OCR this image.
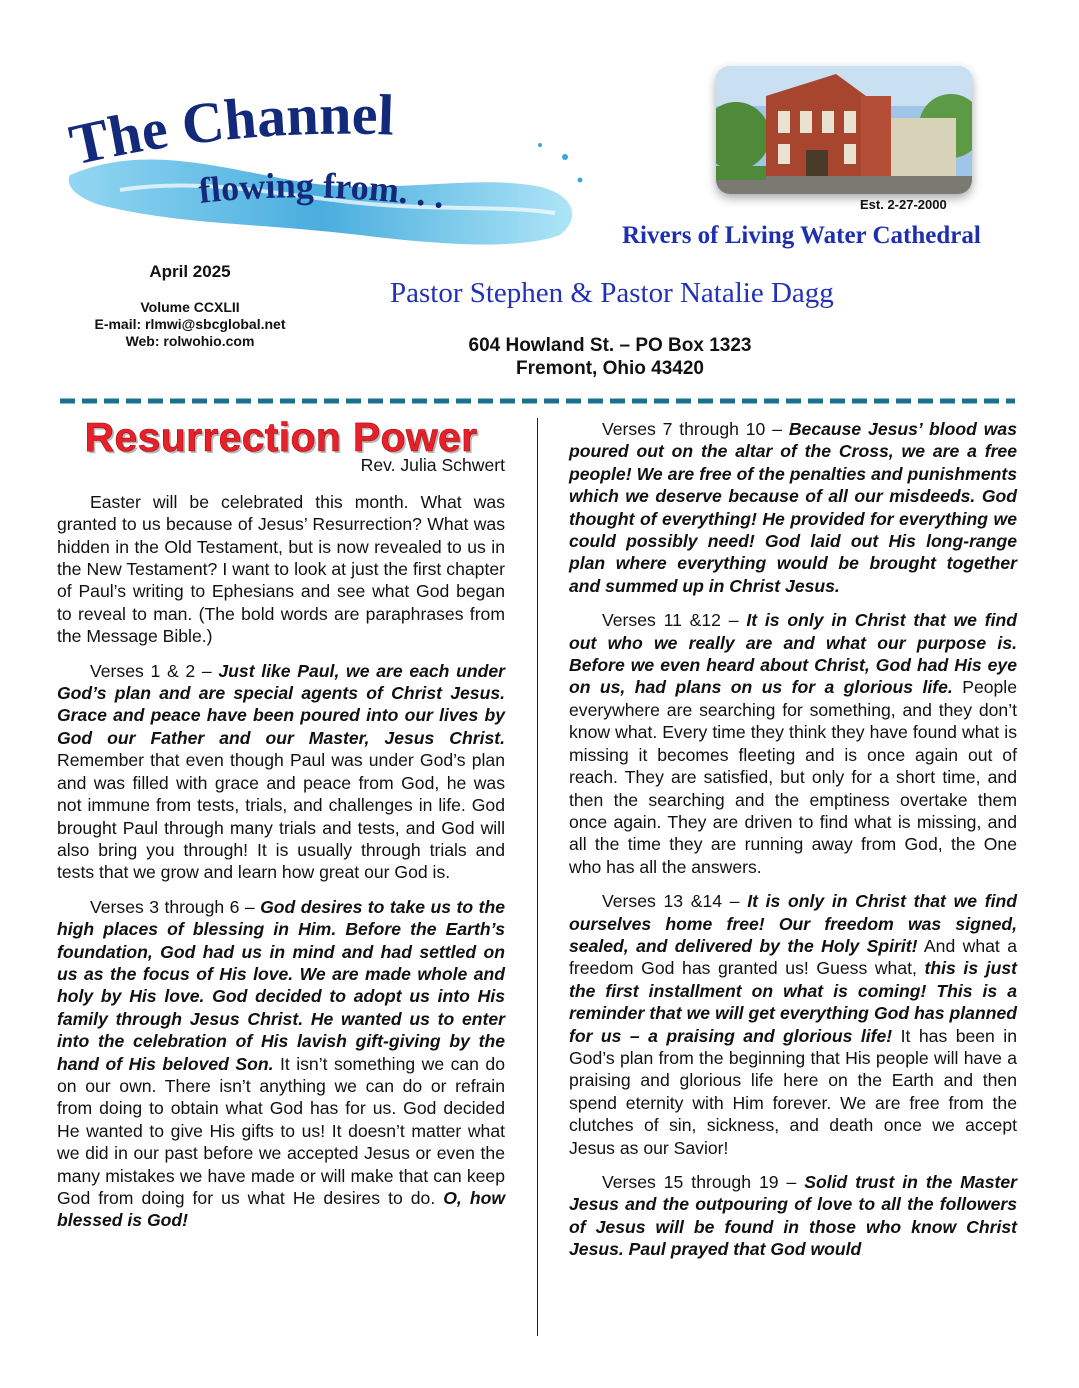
The Channel
flowing from. . .	Est. 2-27-2000
Rivers of Living Water Cathedral
April 2025
Volume CCXLII
E-mail: rlmwi@sbcglobal.net
Web: rolwohio.com
Pastor Stephen & Pastor Natalie Dagg
604 Howland St. – PO Box 1323
Fremont, Ohio 43420
Resurrection Power
Rev. Julia Schwert

Easter will be celebrated this month. What was granted to us because of Jesus’ Resurrection? What was hidden in the Old Testament, but is now revealed to us in the New Testament? I want to look at just the first chapter of Paul’s writing to Ephesians and see what God began to reveal to man. (The bold words are paraphrases from the Message Bible.)

Verses 1 & 2 – Just like Paul, we are each under God’s plan and are special agents of Christ Jesus. Grace and peace have been poured into our lives by God our Father and our Master, Jesus Christ. Remember that even though Paul was under God’s plan and was filled with grace and peace from God, he was not immune from tests, trials, and challenges in life. God brought Paul through many trials and tests, and God will also bring you through! It is usually through trials and tests that we grow and learn how great our God is.

Verses 3 through 6 – God desires to take us to the high places of blessing in Him. Before the Earth’s foundation, God had us in mind and had settled on us as the focus of His love. We are made whole and holy by His love. God decided to adopt us into His family through Jesus Christ. He wanted us to enter into the celebration of His lavish gift-giving by the hand of His beloved Son. It isn’t something we can do on our own. There isn’t anything we can do or refrain from doing to obtain what God has for us. God decided He wanted to give His gifts to us! It doesn’t matter what we did in our past before we accepted Jesus or even the many mistakes we have made or will make that can keep God from doing for us what He desires to do. O, how blessed is God!

Verses 7 through 10 – Because Jesus’ blood was poured out on the altar of the Cross, we are a free people! We are free of the penalties and punishments which we deserve because of all our misdeeds. God thought of everything! He provided for everything we could possibly need! God laid out His long-range plan where everything would be brought together and summed up in Christ Jesus.

Verses 11 &12 – It is only in Christ that we find out who we really are and what our purpose is. Before we even heard about Christ, God had His eye on us, had plans on us for a glorious life. People everywhere are searching for something, and they don’t know what. Every time they think they have found what is missing it becomes fleeting and is once again out of reach. They are satisfied, but only for a short time, and then the searching and the emptiness overtake them once again. They are driven to find what is missing, and all the time they are running away from God, the One who has all the answers.

Verses 13 &14 – It is only in Christ that we find ourselves home free! Our freedom was signed, sealed, and delivered by the Holy Spirit! And what a freedom God has granted us! Guess what, this is just the first installment on what is coming! This is a reminder that we will get everything God has planned for us – a praising and glorious life! It has been in God’s plan from the beginning that His people will have a praising and glorious life here on the Earth and then spend eternity with Him forever. We are free from the clutches of sin, sickness, and death once we accept Jesus as our Savior!

Verses 15 through 19 – Solid trust in the Master Jesus and the outpouring of love to all the followers of Jesus will be found in those who know Christ Jesus. Paul prayed that God would
